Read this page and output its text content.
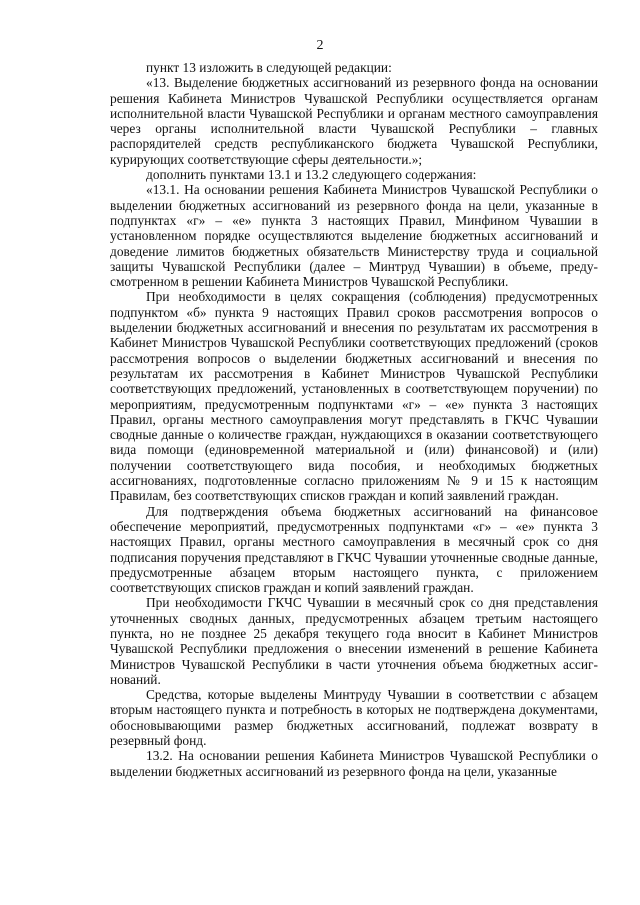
2

пункт 13 изложить в следующей редакции:

«13. Выделение бюджетных ассигнований из резервного фонда на основании решения Кабинета Министров Чувашской Республики осуществляется органам исполнительной власти Чувашской Республики и органам местного самоуправления через органы исполнительной власти Чувашской Республики – главных распорядителей средств республиканского бюджета Чувашской Республики, курирующих соответствующие сферы деятельности.»;

дополнить пунктами 13.1 и 13.2 следующего содержания:

«13.1. На основании решения Кабинета Министров Чувашской Республики о выделении бюджетных ассигнований из резервного фонда на цели, указанные в подпунктах «г» – «е» пункта 3 настоящих Правил, Минфином Чувашии в установленном порядке осуществляются выделение бюджетных ассигнований и доведение лимитов бюджетных обязательств Министерству труда и социальной защиты Чувашской Республики (далее – Минтруд Чувашии) в объеме, предусмотренном в решении Кабинета Министров Чувашской Республики.

При необходимости в целях сокращения (соблюдения) предусмотренных подпунктом «б» пункта 9 настоящих Правил сроков рассмотрения вопросов о выделении бюджетных ассигнований и внесения по результатам их рассмотрения в Кабинет Министров Чувашской Республики соответствующих предложений (сроков рассмотрения вопросов о выделении бюджетных ассигнований и внесения по результатам их рассмотрения в Кабинет Министров Чувашской Республики соответствующих предложений, установленных в соответствующем поручении) по мероприятиям, предусмотренным подпунктами «г» – «е» пункта 3 настоящих Правил, органы местного самоуправления могут представлять в ГКЧС Чувашии сводные данные о количестве граждан, нуждающихся в оказании соответствующего вида помощи (единовременной материальной и (или) финансовой) и (или) получении соответствующего вида пособия, и необходимых бюджетных ассигнованиях, подготовленные согласно приложениям № 9 и 15 к настоящим Правилам, без соответствующих списков граждан и копий заявлений граждан.

Для подтверждения объема бюджетных ассигнований на финансовое обеспечение мероприятий, предусмотренных подпунктами «г» – «е» пункта 3 настоящих Правил, органы местного самоуправления в месячный срок со дня подписания поручения представляют в ГКЧС Чувашии уточненные сводные данные, предусмотренные абзацем вторым настоящего пункта, с приложением соответствующих списков граждан и копий заявлений граждан.

При необходимости ГКЧС Чувашии в месячный срок со дня представления уточненных сводных данных, предусмотренных абзацем третьим настоящего пункта, но не позднее 25 декабря текущего года вносит в Кабинет Министров Чувашской Республики предложения о внесении изменений в решение Кабинета Министров Чувашской Республики в части уточнения объема бюджетных ассигнований.

Средства, которые выделены Минтруду Чувашии в соответствии с абзацем вторым настоящего пункта и потребность в которых не подтверждена документами, обосновывающими размер бюджетных ассигнований, подлежат возврату в резервный фонд.

13.2. На основании решения Кабинета Министров Чувашской Республики о выделении бюджетных ассигнований из резервного фонда на цели, указанные
